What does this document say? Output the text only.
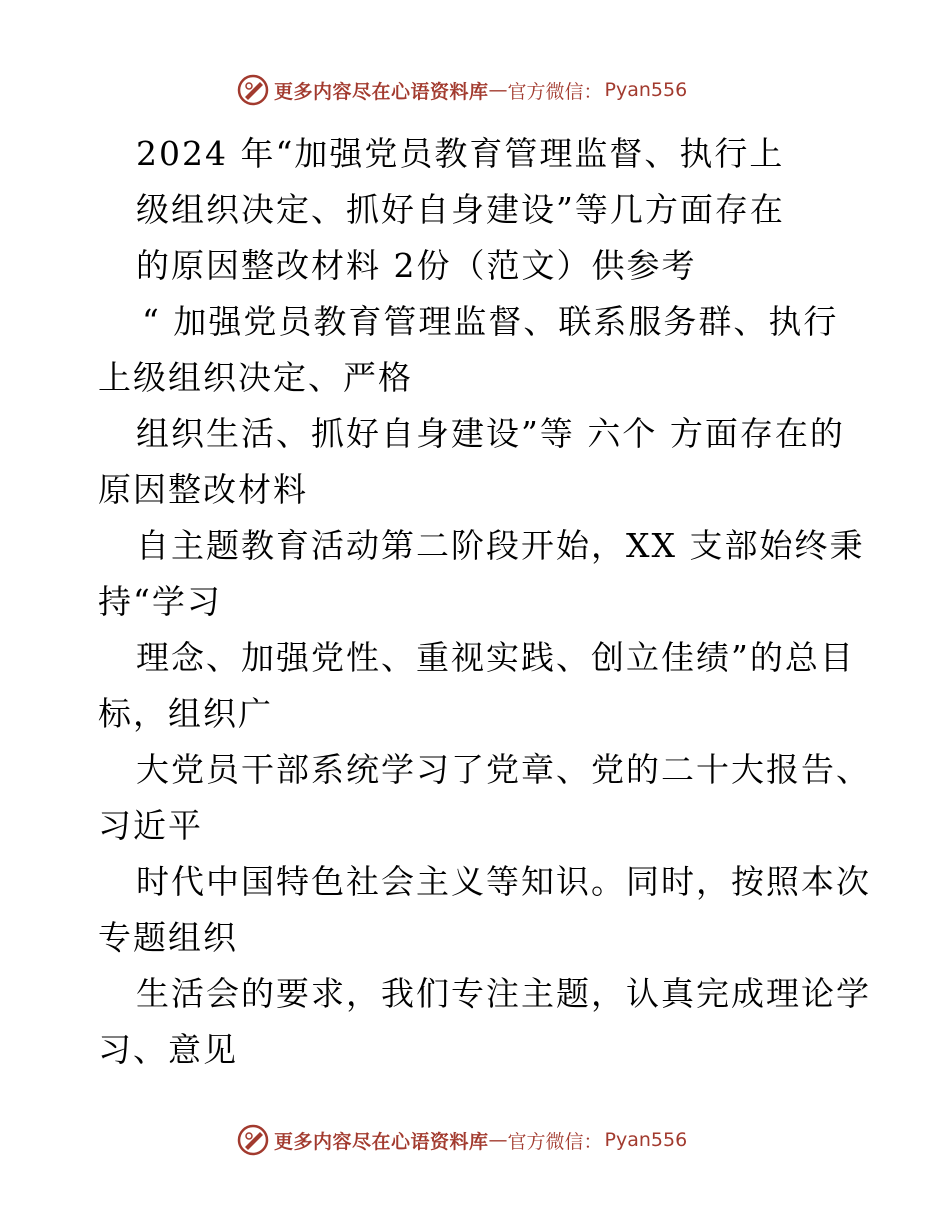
更多内容尽在心语资料库 — 官方微信： Pyan556
2024 年“加强党员教育管理监督、执行上
级组织决定、抓好自身建设”等几方面存在
的原因整改材料 2份（范文）供参考
“ 加强党员教育管理监督、联系服务群、执行
上级组织决定、严格
组织生活、抓好自身建设”等 六个 方面存在的
原因整改材料
自主题教育活动第二阶段开始，XX 支部始终秉
持“学习
理念、加强党性、重视实践、创立佳绩”的总目
标，组织广
大党员干部系统学习了党章、党的二十大报告、
习近平
时代中国特色社会主义等知识。同时，按照本次
专题组织
生活会的要求，我们专注主题，认真完成理论学
习、意见
更多内容尽在心语资料库 — 官方微信： Pyan556
